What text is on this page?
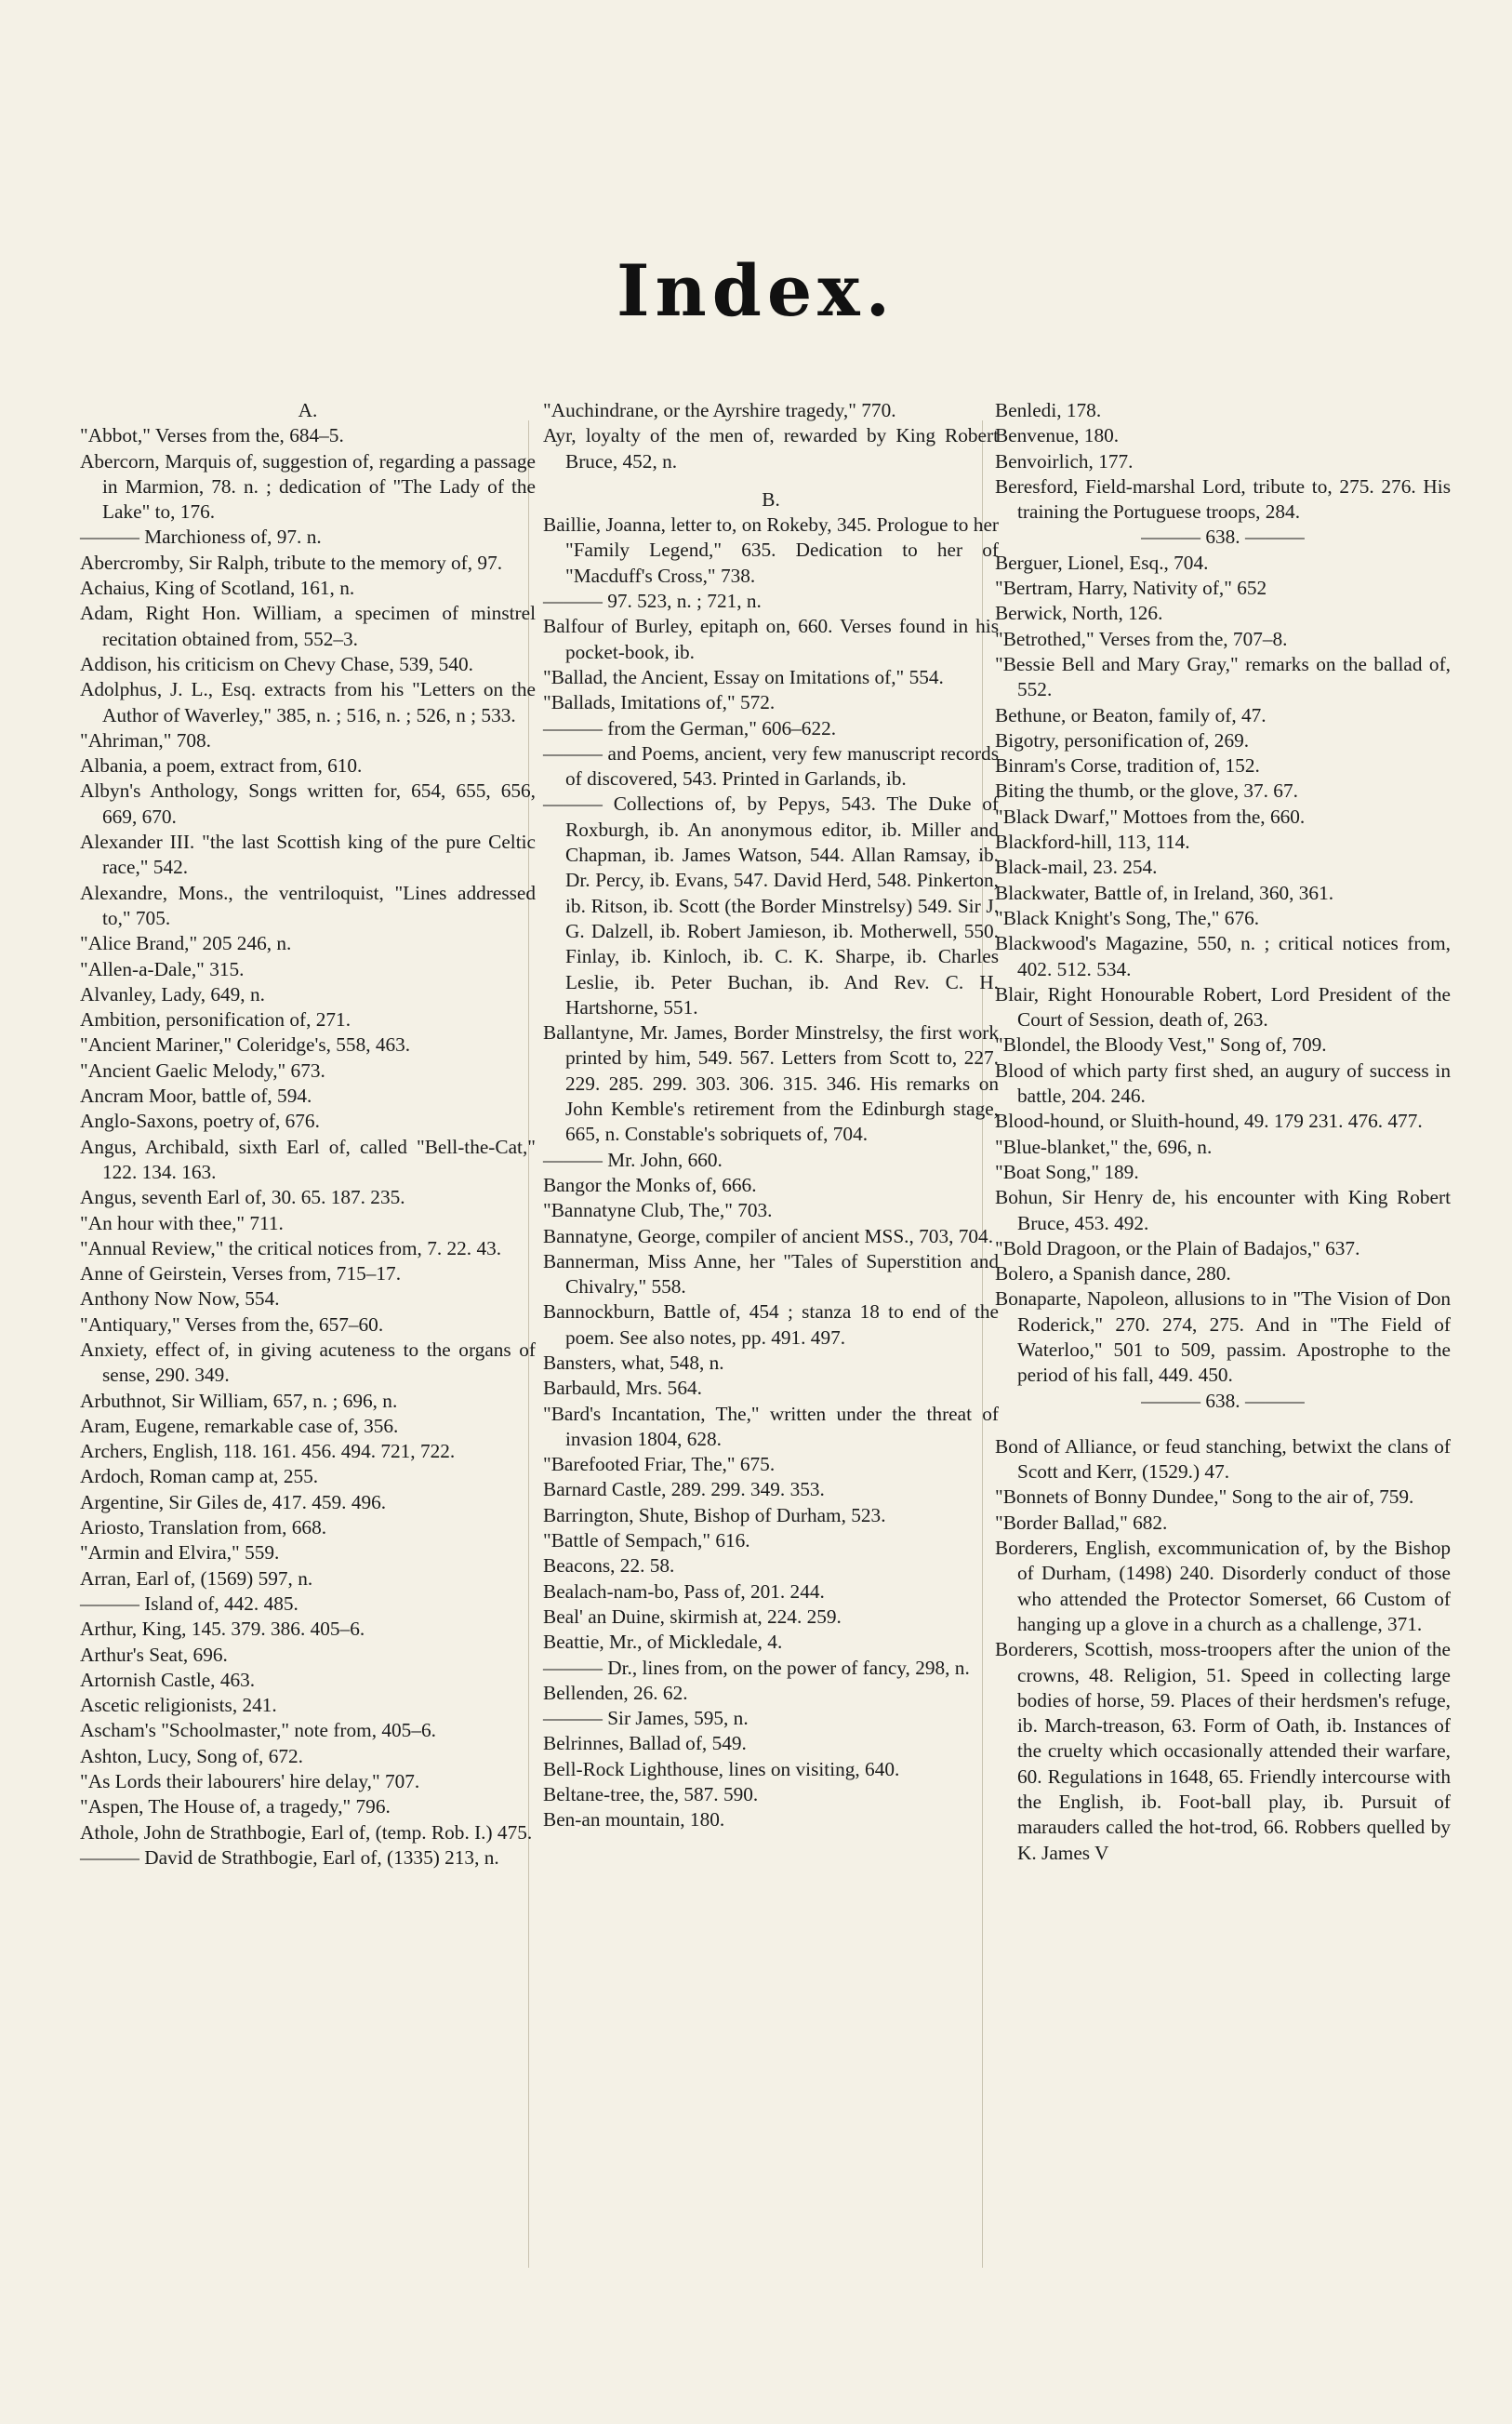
Index.

A.

"Abbot," Verses from the, 684–5.

Abercorn, Marquis of, suggestion of, regarding a passage in Marmion, 78. n. ; dedication of "The Lady of the Lake" to, 176.

——— Marchioness of, 97. n.

Abercromby, Sir Ralph, tribute to the memory of, 97.

Achaius, King of Scotland, 161, n.

Adam, Right Hon. William, a specimen of minstrel recitation obtained from, 552–3.

Addison, his criticism on Chevy Chase, 539, 540.

Adolphus, J. L., Esq. extracts from his "Letters on the Author of Waverley," 385, n. ; 516, n. ; 526, n ; 533.

"Ahriman," 708.

Albania, a poem, extract from, 610.

Albyn's Anthology, Songs written for, 654, 655, 656, 669, 670.

Alexander III. "the last Scottish king of the pure Celtic race," 542.

Alexandre, Mons., the ventriloquist, "Lines addressed to," 705.

"Alice Brand," 205 246, n.

"Allen-a-Dale," 315.

Alvanley, Lady, 649, n.

Ambition, personification of, 271.

"Ancient Mariner," Coleridge's, 558, 463.

"Ancient Gaelic Melody," 673.

Ancram Moor, battle of, 594.

Anglo-Saxons, poetry of, 676.

Angus, Archibald, sixth Earl of, called "Bell-the-Cat," 122. 134. 163.

Angus, seventh Earl of, 30. 65. 187. 235.

"An hour with thee," 711.

"Annual Review," the critical notices from, 7. 22. 43.

Anne of Geirstein, Verses from, 715–17.

Anthony Now Now, 554.

"Antiquary," Verses from the, 657–60.

Anxiety, effect of, in giving acuteness to the organs of sense, 290. 349.

Arbuthnot, Sir William, 657, n. ; 696, n.

Aram, Eugene, remarkable case of, 356.

Archers, English, 118. 161. 456. 494. 721, 722.

Ardoch, Roman camp at, 255.

Argentine, Sir Giles de, 417. 459. 496.

Ariosto, Translation from, 668.

"Armin and Elvira," 559.

Arran, Earl of, (1569) 597, n.

——— Island of, 442. 485.

Arthur, King, 145. 379. 386. 405–6.

Arthur's Seat, 696.

Artornish Castle, 463.

Ascetic religionists, 241.

Ascham's "Schoolmaster," note from, 405–6.

Ashton, Lucy, Song of, 672.

"As Lords their labourers' hire delay," 707.

"Aspen, The House of, a tragedy," 796.

Athole, John de Strathbogie, Earl of, (temp. Rob. I.) 475.

——— David de Strathbogie, Earl of, (1335) 213, n.

"Auchindrane, or the Ayrshire tragedy," 770.

Ayr, loyalty of the men of, rewarded by King Robert Bruce, 452, n.

B.

Baillie, Joanna, letter to, on Rokeby, 345. Prologue to her "Family Legend," 635. Dedication to her of "Macduff's Cross," 738.

——— 97. 523, n. ; 721, n.

Balfour of Burley, epitaph on, 660. Verses found in his pocket-book, ib.

"Ballad, the Ancient, Essay on Imitations of," 554.

"Ballads, Imitations of," 572.

——— from the German," 606–622.

——— and Poems, ancient, very few manuscript records of discovered, 543. Printed in Garlands, ib.

——— Collections of, by Pepys, 543. The Duke of Roxburgh, ib. An anonymous editor, ib. Miller and Chapman, ib. James Watson, 544. Allan Ramsay, ib. Dr. Percy, ib. Evans, 547. David Herd, 548. Pinkerton, ib. Ritson, ib. Scott (the Border Minstrelsy) 549. Sir J. G. Dalzell, ib. Robert Jamieson, ib. Motherwell, 550. Finlay, ib. Kinloch, ib. C. K. Sharpe, ib. Charles Leslie, ib. Peter Buchan, ib. And Rev. C. H. Hartshorne, 551.

Ballantyne, Mr. James, Border Minstrelsy, the first work printed by him, 549. 567. Letters from Scott to, 227. 229. 285. 299. 303. 306. 315. 346. His remarks on John Kemble's retirement from the Edinburgh stage, 665, n. Constable's sobriquets of, 704.

——— Mr. John, 660.

Bangor the Monks of, 666.

"Bannatyne Club, The," 703.

Bannatyne, George, compiler of ancient MSS., 703, 704.

Bannerman, Miss Anne, her "Tales of Superstition and Chivalry," 558.

Bannockburn, Battle of, 454 ; stanza 18 to end of the poem. See also notes, pp. 491. 497.

Bansters, what, 548, n.

Barbauld, Mrs. 564.

"Bard's Incantation, The," written under the threat of invasion 1804, 628.

"Barefooted Friar, The," 675.

Barnard Castle, 289. 299. 349. 353.

Barrington, Shute, Bishop of Durham, 523.

"Battle of Sempach," 616.

Beacons, 22. 58.

Bealach-nam-bo, Pass of, 201. 244.

Beal' an Duine, skirmish at, 224. 259.

Beattie, Mr., of Mickledale, 4.

——— Dr., lines from, on the power of fancy, 298, n.

Bellenden, 26. 62.

——— Sir James, 595, n.

Belrinnes, Ballad of, 549.

Bell-Rock Lighthouse, lines on visiting, 640.

Beltane-tree, the, 587. 590.

Ben-an mountain, 180.

Benledi, 178.

Benvenue, 180.

Benvoirlich, 177.

Beresford, Field-marshal Lord, tribute to, 275. 276. His training the Portuguese troops, 284.

——— 638. ———

Berguer, Lionel, Esq., 704.

"Bertram, Harry, Nativity of," 652

Berwick, North, 126.

"Betrothed," Verses from the, 707–8.

"Bessie Bell and Mary Gray," remarks on the ballad of, 552.

Bethune, or Beaton, family of, 47.

Bigotry, personification of, 269.

Binram's Corse, tradition of, 152.

Biting the thumb, or the glove, 37. 67.

"Black Dwarf," Mottoes from the, 660.

Blackford-hill, 113, 114.

Black-mail, 23. 254.

Blackwater, Battle of, in Ireland, 360, 361.

"Black Knight's Song, The," 676.

Blackwood's Magazine, 550, n. ; critical notices from, 402. 512. 534.

Blair, Right Honourable Robert, Lord President of the Court of Session, death of, 263.

"Blondel, the Bloody Vest," Song of, 709.

Blood of which party first shed, an augury of success in battle, 204. 246.

Blood-hound, or Sluith-hound, 49. 179 231. 476. 477.

"Blue-blanket," the, 696, n.

"Boat Song," 189.

Bohun, Sir Henry de, his encounter with King Robert Bruce, 453. 492.

"Bold Dragoon, or the Plain of Badajos," 637.

Bolero, a Spanish dance, 280.

Bonaparte, Napoleon, allusions to in "The Vision of Don Roderick," 270. 274, 275. And in "The Field of Waterloo," 501 to 509, passim. Apostrophe to the period of his fall, 449. 450.

——— 638. ———

Bond of Alliance, or feud stanching, betwixt the clans of Scott and Kerr, (1529.) 47.

"Bonnets of Bonny Dundee," Song to the air of, 759.

"Border Ballad," 682.

Borderers, English, excommunication of, by the Bishop of Durham, (1498) 240. Disorderly conduct of those who attended the Protector Somerset, 66 Custom of hanging up a glove in a church as a challenge, 371.

Borderers, Scottish, moss-troopers after the union of the crowns, 48. Religion, 51. Speed in collecting large bodies of horse, 59. Places of their herdsmen's refuge, ib. March-treason, 63. Form of Oath, ib. Instances of the cruelty which occasionally attended their warfare, 60. Regulations in 1648, 65. Friendly intercourse with the English, ib. Foot-ball play, ib. Pursuit of marauders called the hot-trod, 66. Robbers quelled by K. James V
